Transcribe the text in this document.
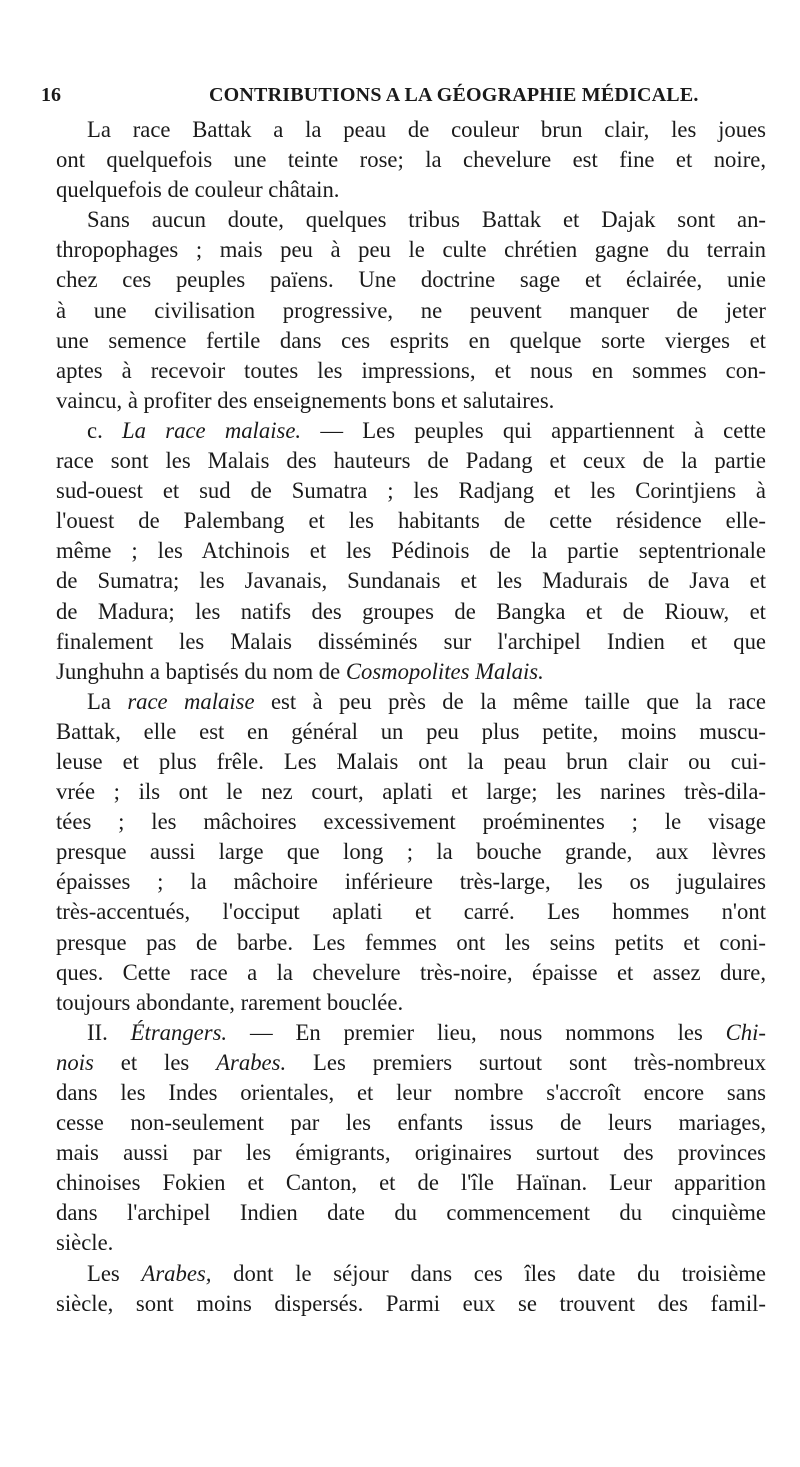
16	CONTRIBUTIONS A LA GÉOGRAPHIE MÉDICALE.
La race Battak a la peau de couleur brun clair, les joues
ont quelquefois une teinte rose; la chevelure est fine et noire,
quelquefois de couleur châtain.
Sans aucun doute, quelques tribus Battak et Dajak sont an-
thropophages ; mais peu à peu le culte chrétien gagne du terrain
chez ces peuples païens. Une doctrine sage et éclairée, unie
à une civilisation progressive, ne peuvent manquer de jeter
une semence fertile dans ces esprits en quelque sorte vierges et
aptes à recevoir toutes les impressions, et nous en sommes con-
vaincu, à profiter des enseignements bons et salutaires.
c. La race malaise. — Les peuples qui appartiennent à cette
race sont les Malais des hauteurs de Padang et ceux de la partie
sud-ouest et sud de Sumatra ; les Radjang et les Corintjiens à
l'ouest de Palembang et les habitants de cette résidence elle-
même ; les Atchinois et les Pédinois de la partie septentrionale
de Sumatra; les Javanais, Sundanais et les Madurais de Java et
de Madura; les natifs des groupes de Bangka et de Riouw, et
finalement les Malais disséminés sur l'archipel Indien et que
Junghuhn a baptisés du nom de Cosmopolites Malais.
La race malaise est à peu près de la même taille que la race
Battak, elle est en général un peu plus petite, moins muscu-
leuse et plus frêle. Les Malais ont la peau brun clair ou cui-
vrée ; ils ont le nez court, aplati et large; les narines très-dila-
tées ; les mâchoires excessivement proéminentes ; le visage
presque aussi large que long ; la bouche grande, aux lèvres
épaisses ; la mâchoire inférieure très-large, les os jugulaires
très-accentués, l'occiput aplati et carré. Les hommes n'ont
presque pas de barbe. Les femmes ont les seins petits et coni-
ques. Cette race a la chevelure très-noire, épaisse et assez dure,
toujours abondante, rarement bouclée.
II. Étrangers. — En premier lieu, nous nommons les Chi-
nois et les Arabes. Les premiers surtout sont très-nombreux
dans les Indes orientales, et leur nombre s'accroît encore sans
cesse non-seulement par les enfants issus de leurs mariages,
mais aussi par les émigrants, originaires surtout des provinces
chinoises Fokien et Canton, et de l'île Haïnan. Leur apparition
dans l'archipel Indien date du commencement du cinquième
siècle.
Les Arabes, dont le séjour dans ces îles date du troisième
siècle, sont moins dispersés. Parmi eux se trouvent des famil-
